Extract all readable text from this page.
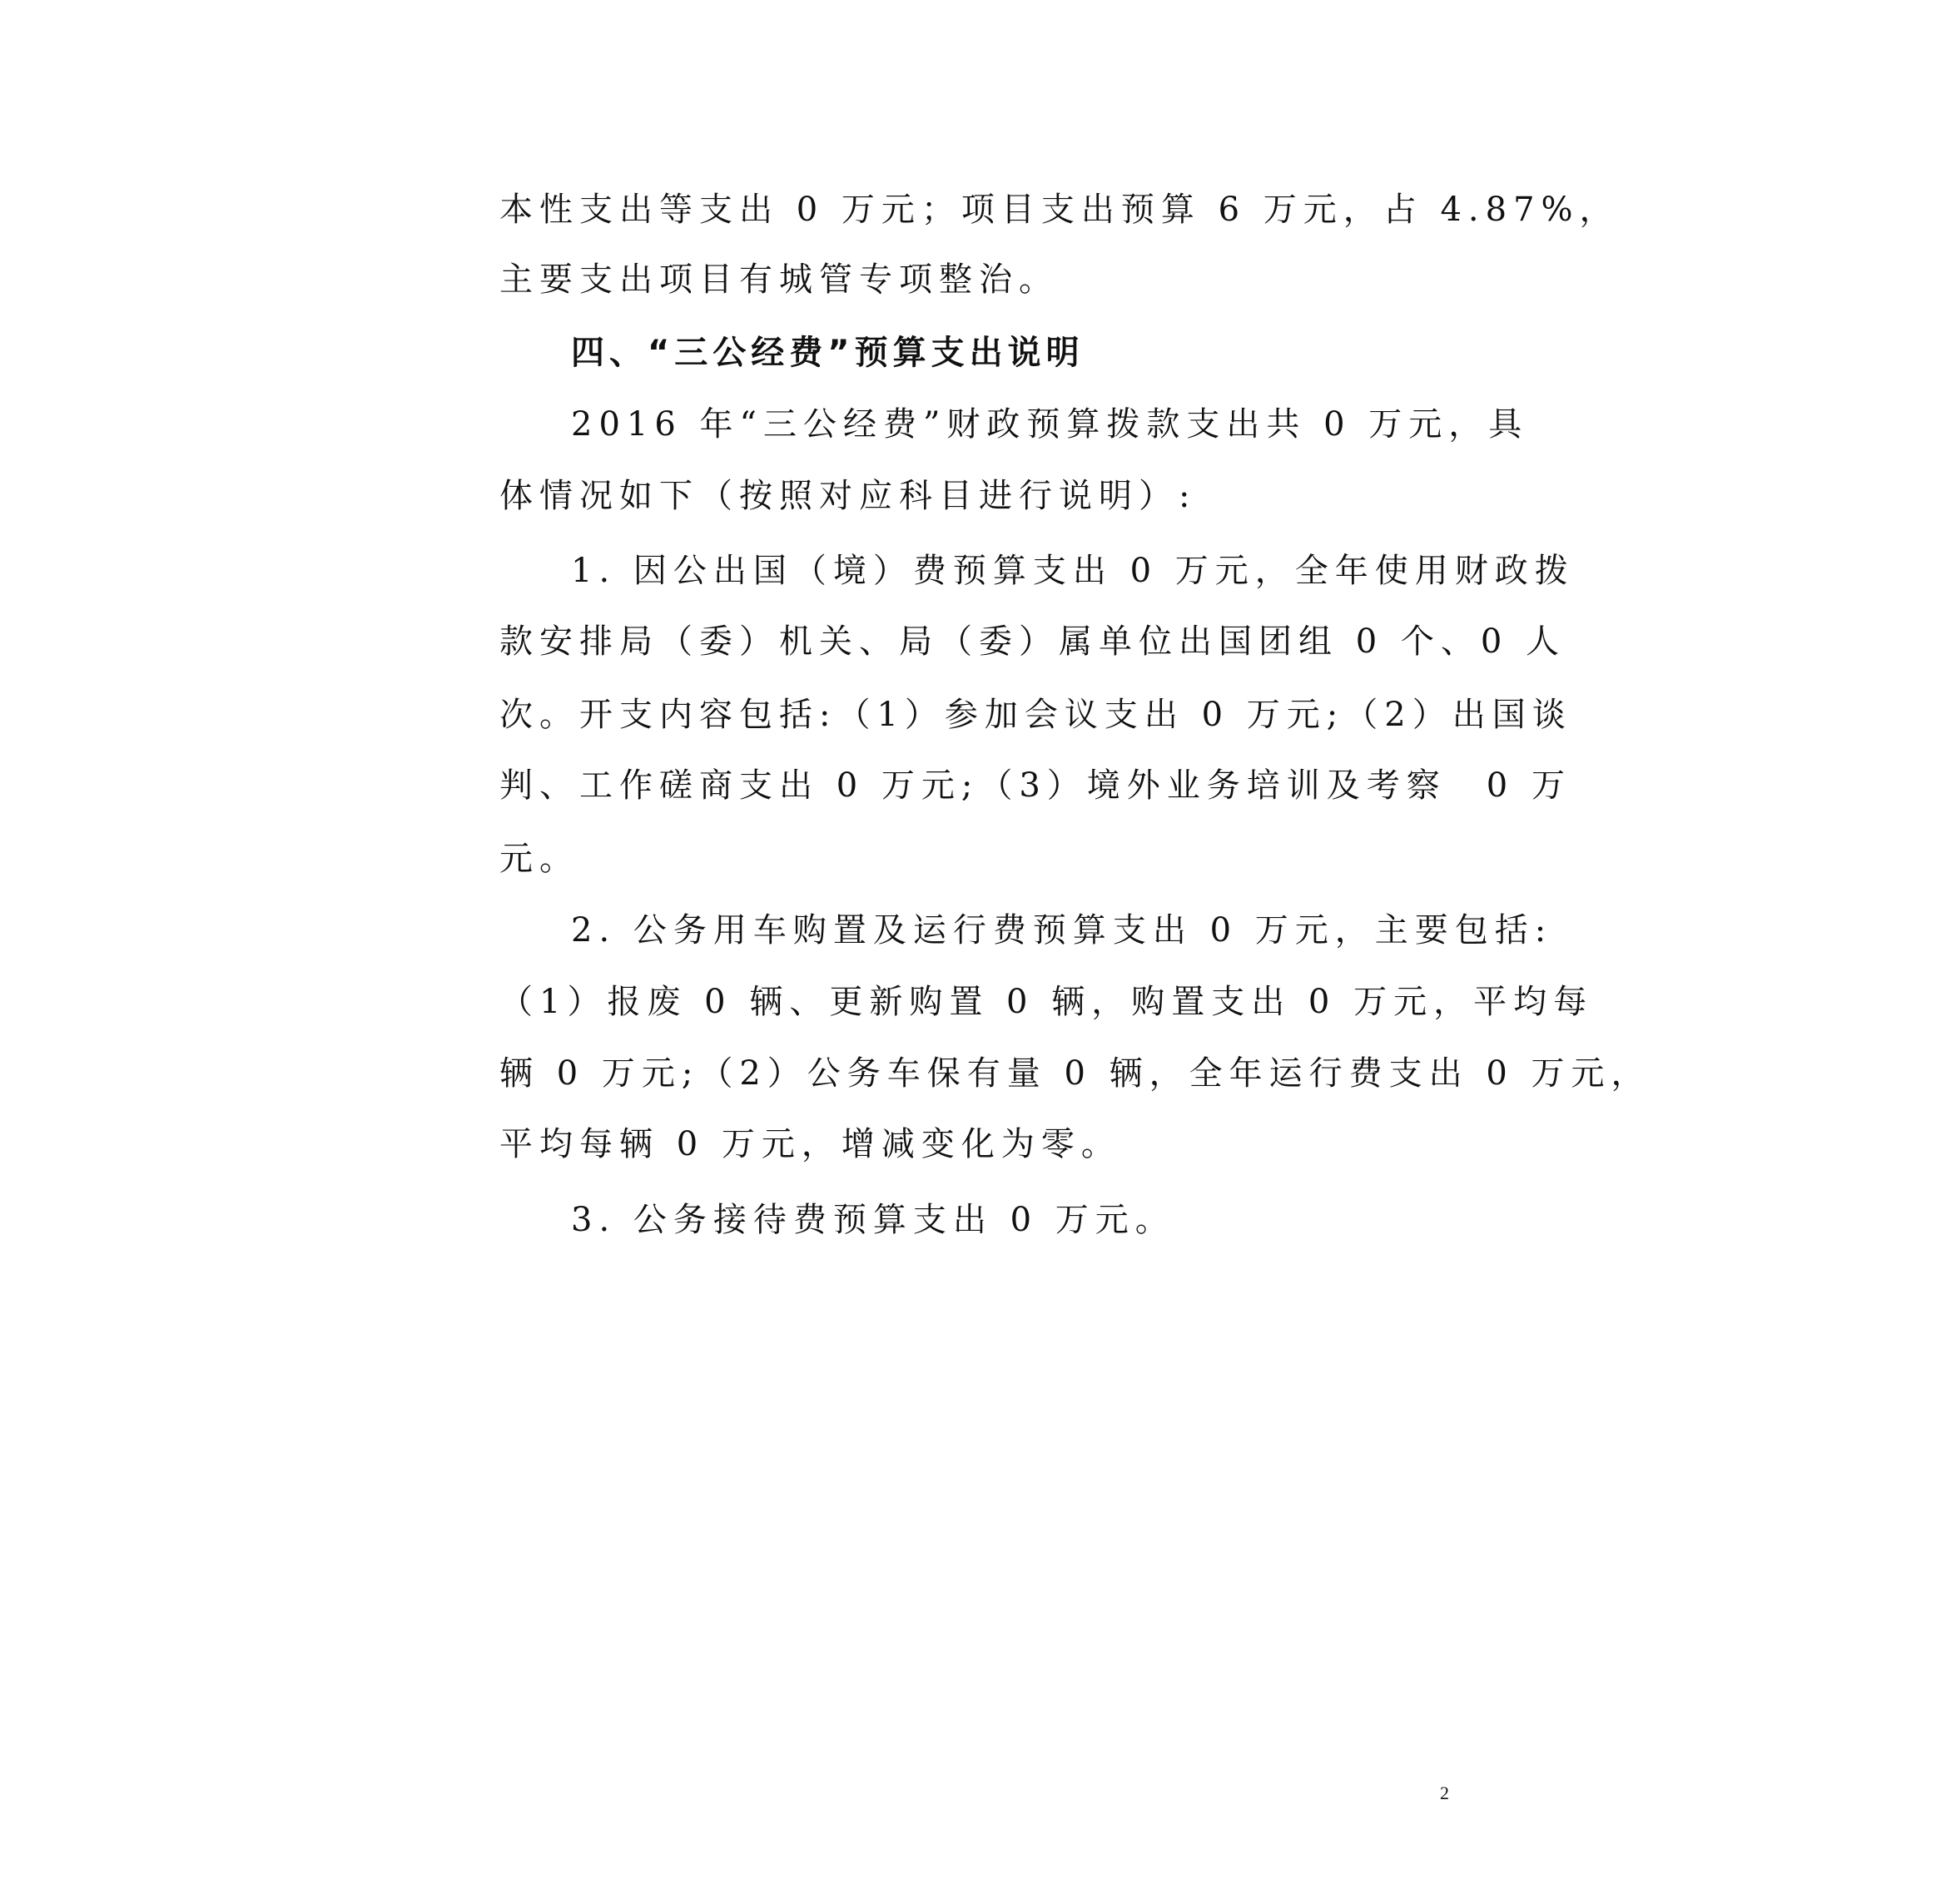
本性支出等支出 0 万元；项目支出预算 6 万元，占 4.87%，
主要支出项目有城管专项整治。
四、“三公经费”预算支出说明
2016 年“三公经费”财政预算拨款支出共 0 万元，具
体情况如下（按照对应科目进行说明）:
1. 因公出国（境）费预算支出 0 万元，全年使用财政拨
款安排局（委）机关、局（委）属单位出国团组 0 个、0 人
次。开支内容包括:（1）参加会议支出 0 万元;（2）出国谈
判、工作磋商支出 0 万元;（3）境外业务培训及考察　0 万
元。
2. 公务用车购置及运行费预算支出 0 万元，主要包括:
（1）报废 0 辆、更新购置 0 辆，购置支出 0 万元，平均每
辆 0 万元;（2）公务车保有量 0 辆，全年运行费支出 0 万元，
平均每辆 0 万元，增减变化为零。
3. 公务接待费预算支出 0 万元。
2
